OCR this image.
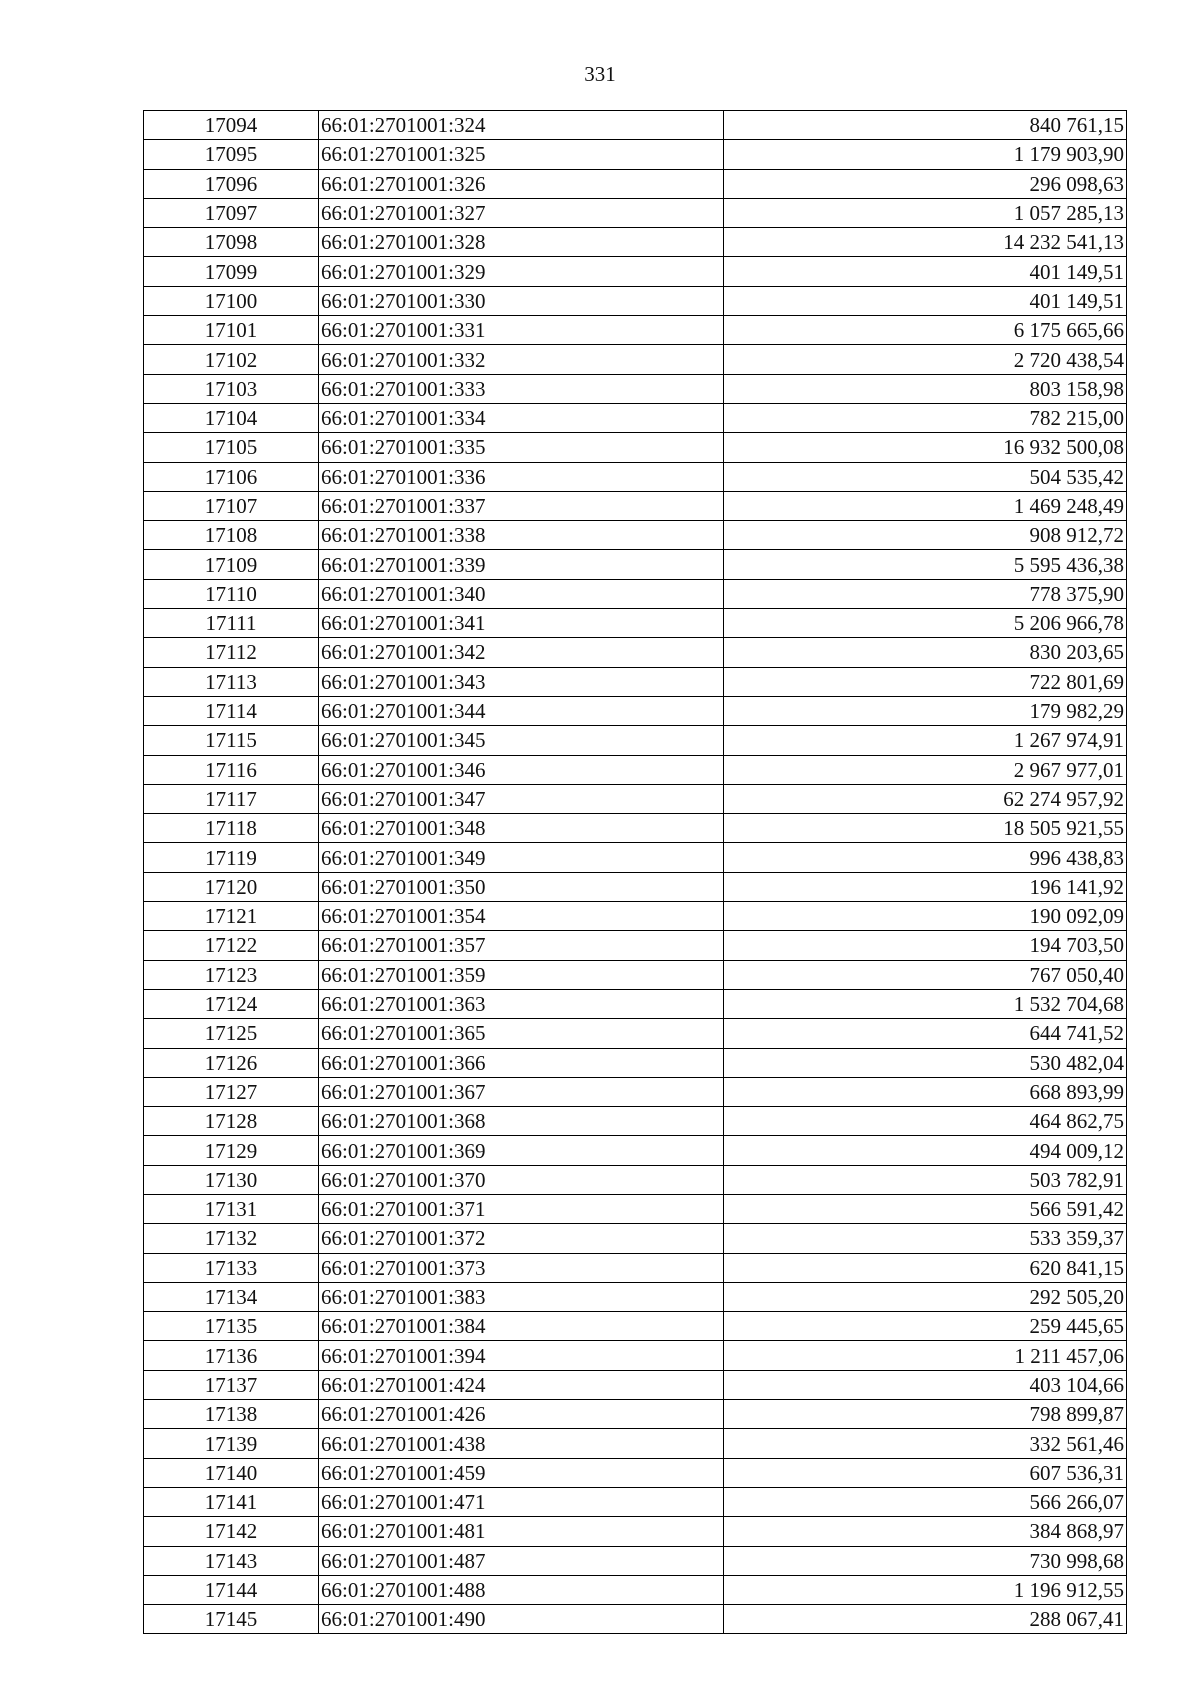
331
17094	66:01:2701001:324	840 761,15
17095	66:01:2701001:325	1 179 903,90
17096	66:01:2701001:326	296 098,63
17097	66:01:2701001:327	1 057 285,13
17098	66:01:2701001:328	14 232 541,13
17099	66:01:2701001:329	401 149,51
17100	66:01:2701001:330	401 149,51
17101	66:01:2701001:331	6 175 665,66
17102	66:01:2701001:332	2 720 438,54
17103	66:01:2701001:333	803 158,98
17104	66:01:2701001:334	782 215,00
17105	66:01:2701001:335	16 932 500,08
17106	66:01:2701001:336	504 535,42
17107	66:01:2701001:337	1 469 248,49
17108	66:01:2701001:338	908 912,72
17109	66:01:2701001:339	5 595 436,38
17110	66:01:2701001:340	778 375,90
17111	66:01:2701001:341	5 206 966,78
17112	66:01:2701001:342	830 203,65
17113	66:01:2701001:343	722 801,69
17114	66:01:2701001:344	179 982,29
17115	66:01:2701001:345	1 267 974,91
17116	66:01:2701001:346	2 967 977,01
17117	66:01:2701001:347	62 274 957,92
17118	66:01:2701001:348	18 505 921,55
17119	66:01:2701001:349	996 438,83
17120	66:01:2701001:350	196 141,92
17121	66:01:2701001:354	190 092,09
17122	66:01:2701001:357	194 703,50
17123	66:01:2701001:359	767 050,40
17124	66:01:2701001:363	1 532 704,68
17125	66:01:2701001:365	644 741,52
17126	66:01:2701001:366	530 482,04
17127	66:01:2701001:367	668 893,99
17128	66:01:2701001:368	464 862,75
17129	66:01:2701001:369	494 009,12
17130	66:01:2701001:370	503 782,91
17131	66:01:2701001:371	566 591,42
17132	66:01:2701001:372	533 359,37
17133	66:01:2701001:373	620 841,15
17134	66:01:2701001:383	292 505,20
17135	66:01:2701001:384	259 445,65
17136	66:01:2701001:394	1 211 457,06
17137	66:01:2701001:424	403 104,66
17138	66:01:2701001:426	798 899,87
17139	66:01:2701001:438	332 561,46
17140	66:01:2701001:459	607 536,31
17141	66:01:2701001:471	566 266,07
17142	66:01:2701001:481	384 868,97
17143	66:01:2701001:487	730 998,68
17144	66:01:2701001:488	1 196 912,55
17145	66:01:2701001:490	288 067,41
